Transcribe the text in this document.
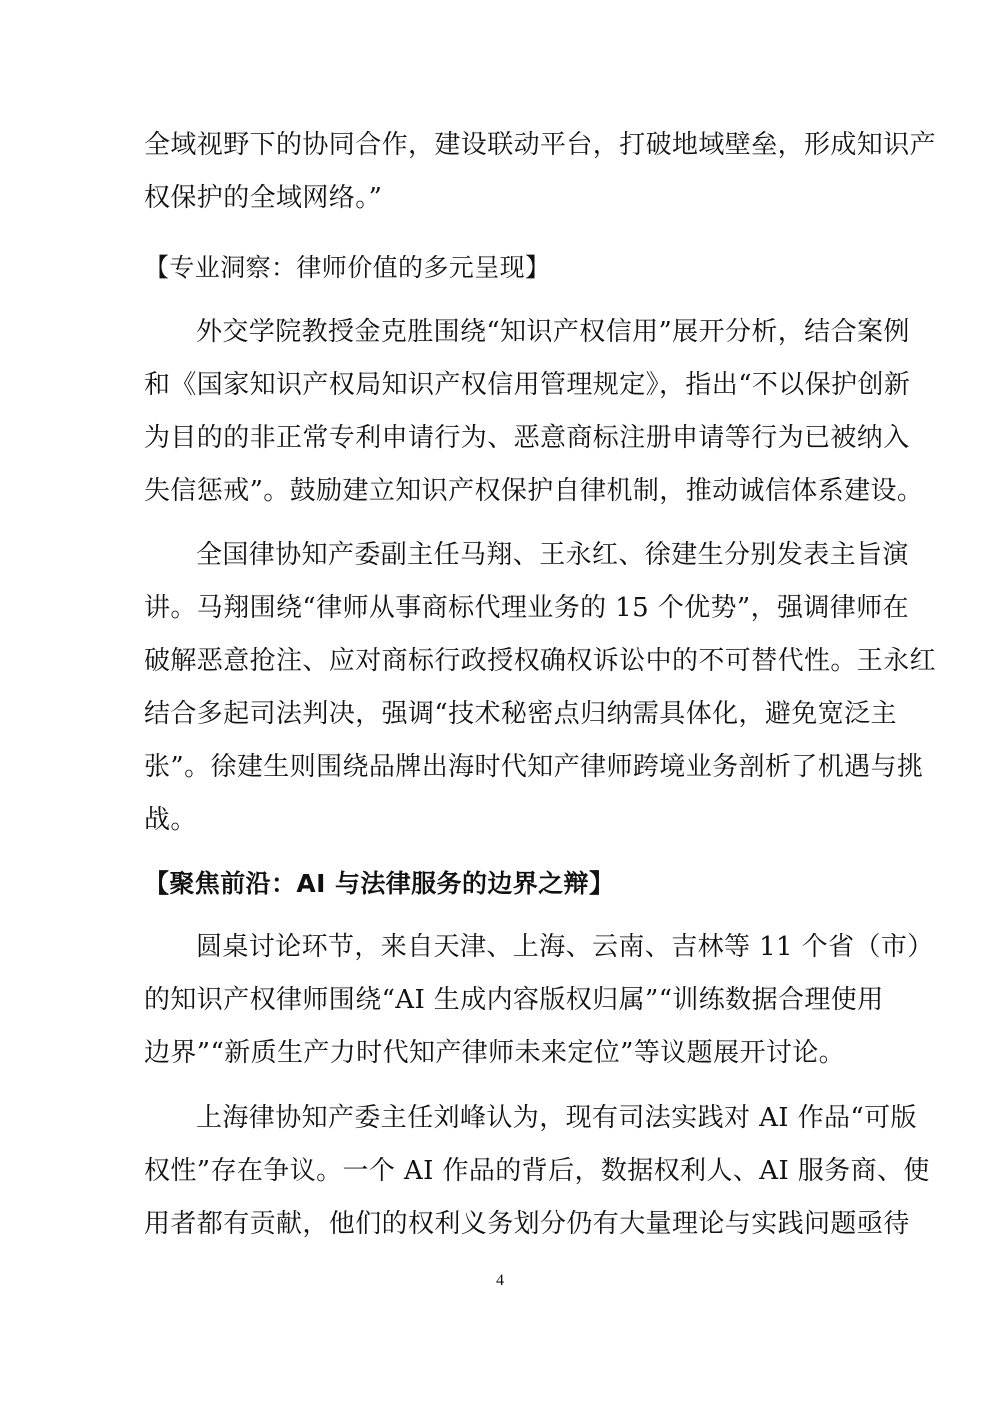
全域视野下的协同合作，建设联动平台，打破地域壁垒，形成知识产
权保护的全域网络。”
【专业洞察：律师价值的多元呈现】
外交学院教授金克胜围绕“知识产权信用”展开分析，结合案例
和《国家知识产权局知识产权信用管理规定》，指出“不以保护创新
为目的的非正常专利申请行为、恶意商标注册申请等行为已被纳入
失信惩戒”。鼓励建立知识产权保护自律机制，推动诚信体系建设。
全国律协知产委副主任马翔、王永红、徐建生分别发表主旨演
讲。马翔围绕“律师从事商标代理业务的 15 个优势”，强调律师在
破解恶意抢注、应对商标行政授权确权诉讼中的不可替代性。王永红
结合多起司法判决，强调“技术秘密点归纳需具体化，避免宽泛主
张”。徐建生则围绕品牌出海时代知产律师跨境业务剖析了机遇与挑
战。
【聚焦前沿：AI 与法律服务的边界之辩】
圆桌讨论环节，来自天津、上海、云南、吉林等 11 个省（市）
的知识产权律师围绕“AI 生成内容版权归属”“训练数据合理使用
边界”“新质生产力时代知产律师未来定位”等议题展开讨论。
上海律协知产委主任刘峰认为，现有司法实践对 AI 作品“可版
权性”存在争议。一个 AI 作品的背后，数据权利人、AI 服务商、使
用者都有贡献，他们的权利义务划分仍有大量理论与实践问题亟待
4
